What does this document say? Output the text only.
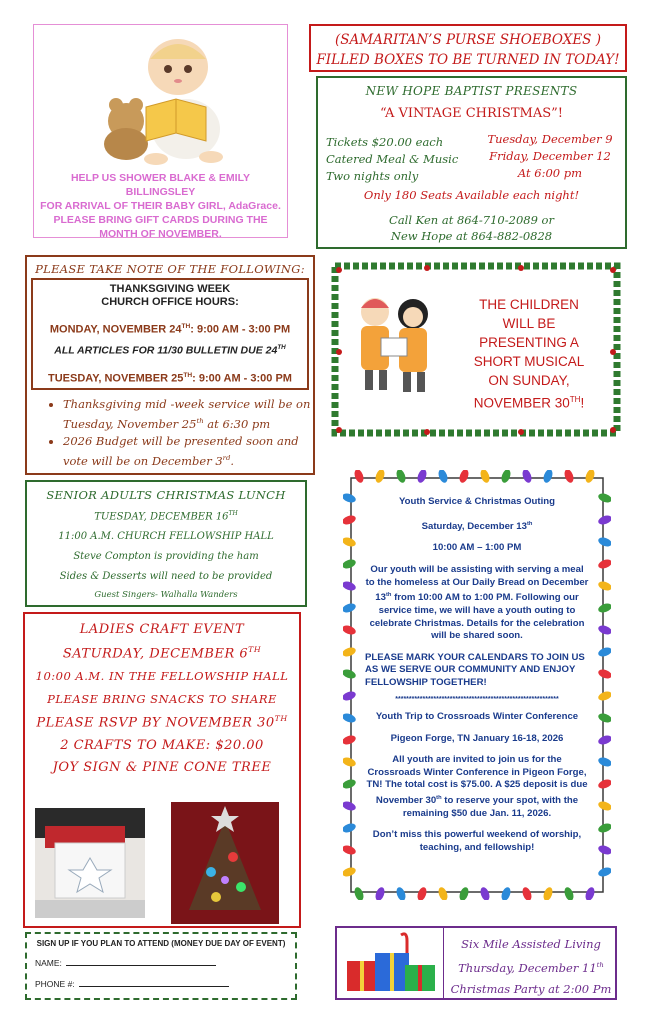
HELP US SHOWER BLAKE & EMILY BILLINGSLEY

FOR ARRIVAL OF THEIR BABY GIRL, AdaGrace.

PLEASE BRING GIFT CARDS DURING THE

MONTH OF NOVEMBER.

(SAMARITAN’S PURSE SHOEBOXES )

FILLED BOXES TO BE TURNED IN TODAY!

NEW HOPE BAPTIST PRESENTS
“A VINTAGE CHRISTMAS”!

Tickets $20.00 each

Catered Meal & Music

Two nights only

Tuesday, December 9

Friday, December 12

At 6:00 pm

Only 180 Seats Available each night!

Call Ken at 864-710-2089 or

New Hope at 864-882-0828

PLEASE TAKE NOTE OF THE FOLLOWING:

THANKSGIVING WEEK

CHURCH OFFICE HOURS:

MONDAY, NOVEMBER 24TH: 9:00 AM - 3:00 PM

ALL ARTICLES FOR 11/30 BULLETIN DUE 24TH

TUESDAY, NOVEMBER 25TH: 9:00 AM - 3:00 PM

• Thanksgiving mid -week service will be on Tuesday, November 25th at 6:30 pm
• 2026 Budget will be presented soon and vote will be on December 3rd.

SENIOR ADULTS CHRISTMAS LUNCH

TUESDAY, DECEMBER 16TH

11:00 A.M. CHURCH FELLOWSHIP HALL

Steve Compton is providing the ham

Sides & Desserts will need to be provided

Guest Singers- Walhalla Wanders

LADIES CRAFT EVENT

SATURDAY, DECEMBER 6TH

10:00 A.M. IN THE FELLOWSHIP HALL

PLEASE BRING SNACKS TO SHARE

PLEASE RSVP BY NOVEMBER 30TH

2 CRAFTS TO MAKE: $20.00

JOY SIGN & PINE CONE TREE

SIGN UP IF YOU PLAN TO ATTEND (MONEY DUE DAY OF EVENT)

NAME:
PHONE #:

THE CHILDREN

WILL BE

PRESENTING A

SHORT MUSICAL

ON SUNDAY,

NOVEMBER 30TH!

Youth Service & Christmas Outing

Saturday, December 13th

10:00 AM – 1:00 PM

Our youth will be assisting with serving a meal to the homeless at Our Daily Bread on December 13th from 10:00 AM to 1:00 PM. Following our service time, we will have a youth outing to celebrate Christmas. Details for the celebration will be shared soon.

PLEASE MARK YOUR CALENDARS TO JOIN US AS WE SERVE OUR COMMUNITY AND ENJOY FELLOWSHIP TOGETHER!

************************************************************

Youth Trip to Crossroads Winter Conference

Pigeon Forge, TN January 16-18, 2026

All youth are invited to join us for the Crossroads Winter Conference in Pigeon Forge, TN! The total cost is $75.00. A $25 deposit is due November 30th to reserve your spot, with the remaining $50 due Jan. 11, 2026.

Don’t miss this powerful weekend of worship, teaching, and fellowship!

Six Mile Assisted Living

Thursday, December 11th

Christmas Party at 2:00 Pm
